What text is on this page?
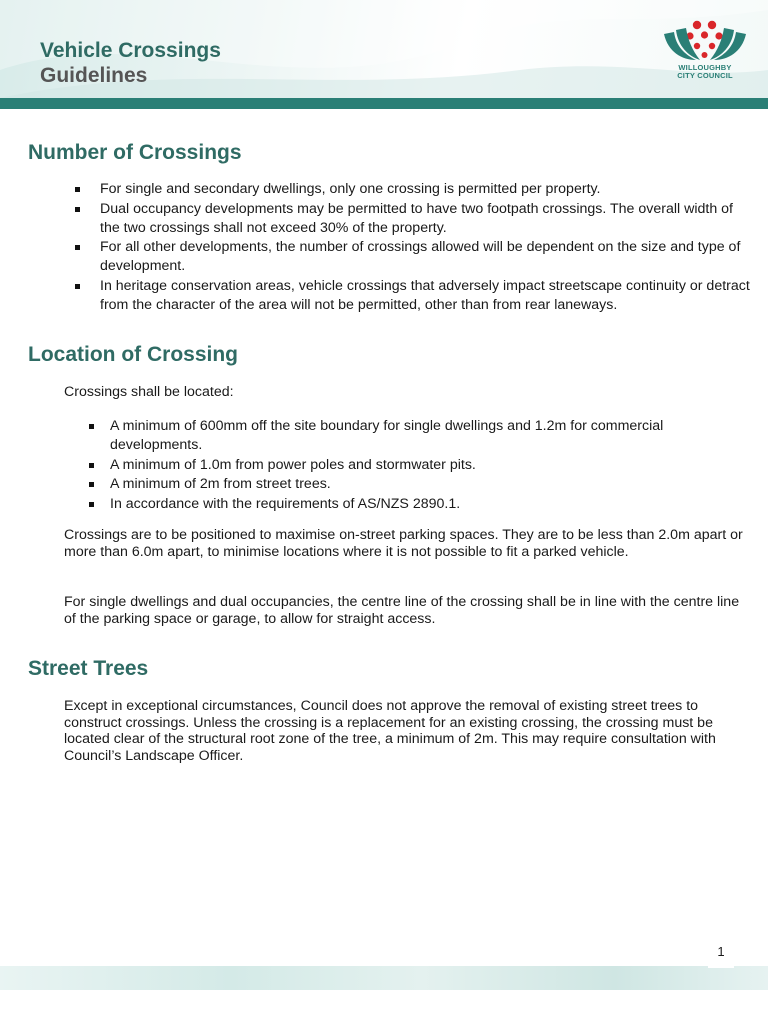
Vehicle Crossings
Guidelines	WILLOUGHBY
CITY COUNCIL
Number of Crossings
For single and secondary dwellings, only one crossing is permitted per property.
Dual occupancy developments may be permitted to have two footpath crossings. The overall width of the two crossings shall not exceed 30% of the property.
For all other developments, the number of crossings allowed will be dependent on the size and type of development.
In heritage conservation areas, vehicle crossings that adversely impact streetscape continuity or detract from the character of the area will not be permitted, other than from rear laneways.
Location of Crossing

Crossings shall be located:

A minimum of 600mm off the site boundary for single dwellings and 1.2m for commercial developments.
A minimum of 1.0m from power poles and stormwater pits.
A minimum of 2m from street trees.
In accordance with the requirements of AS/NZS 2890.1.

Crossings are to be positioned to maximise on-street parking spaces. They are to be less than 2.0m apart or more than 6.0m apart, to minimise locations where it is not possible to fit a parked vehicle.

For single dwellings and dual occupancies, the centre line of the crossing shall be in line with the centre line of the parking space or garage, to allow for straight access.

Street Trees

Except in exceptional circumstances, Council does not approve the removal of existing street trees to construct crossings. Unless the crossing is a replacement for an existing crossing, the crossing must be located clear of the structural root zone of the tree, a minimum of 2m. This may require consultation with Council’s Landscape Officer.

1
